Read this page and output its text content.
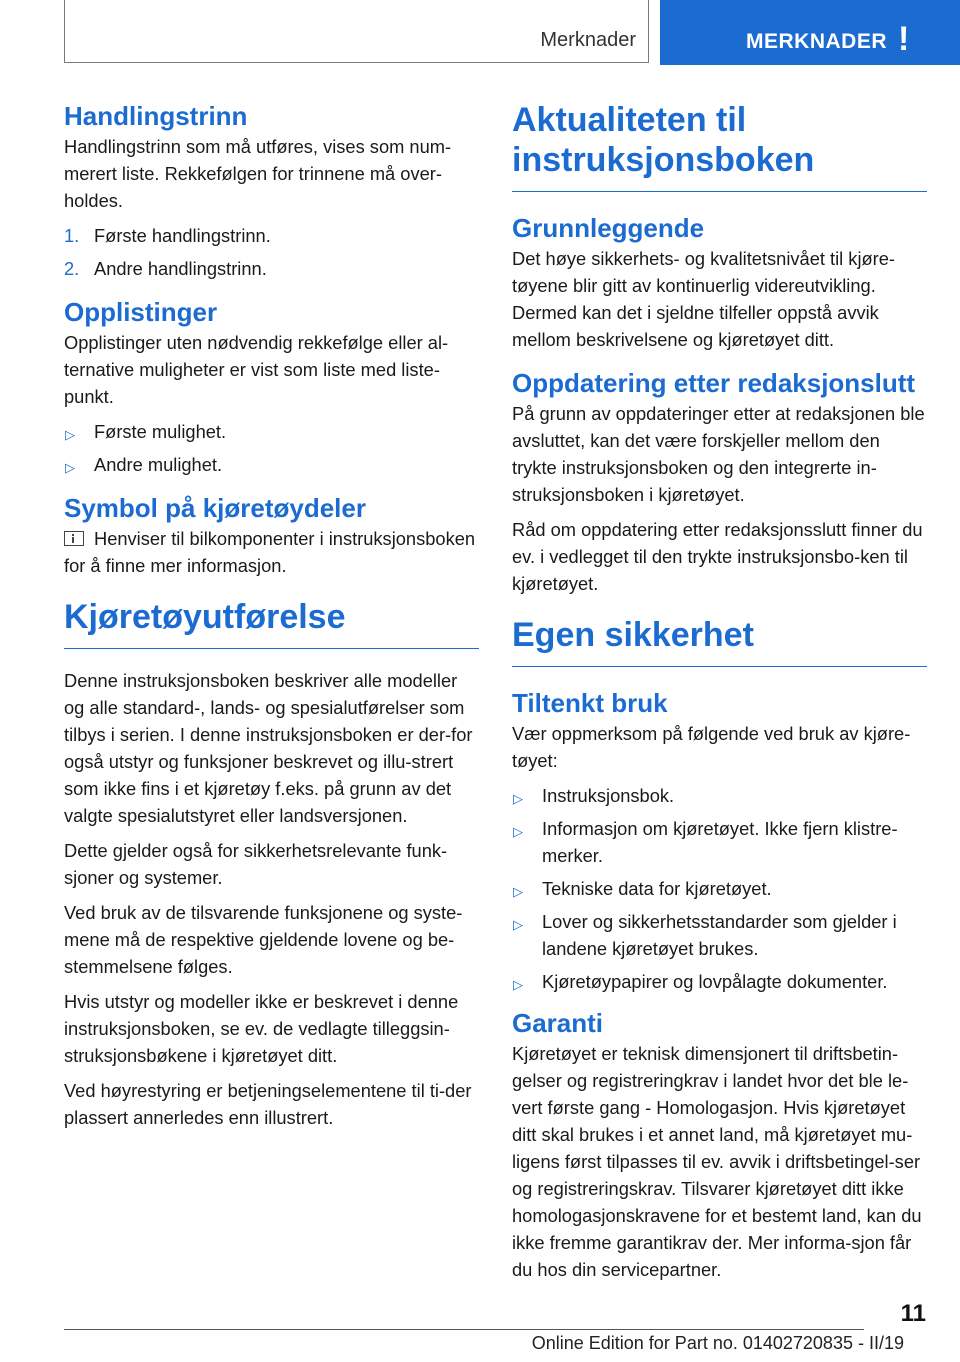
Merknader	MERKNADER !
Handlingstrinn

Handlingstrinn som må utføres, vises som num-merert liste. Rekkefølgen for trinnene må over-holdes.

1. Første handlingstrinn.
2. Andre handlingstrinn.
Opplistinger

Opplistinger uten nødvendig rekkefølge eller al-ternative muligheter er vist som liste med liste-punkt.

▷ Første mulighet.
▷ Andre mulighet.
Symbol på kjøretøydeler

Henviser til bilkomponenter i instruksjonsboken for å finne mer informasjon.

Kjøretøyutførelse

Denne instruksjonsboken beskriver alle modeller og alle standard-, lands- og spesialutførelser som tilbys i serien. I denne instruksjonsboken er der-for også utstyr og funksjoner beskrevet og illu-strert som ikke fins i et kjøretøy f.eks. på grunn av det valgte spesialutstyret eller landsversjonen.

Dette gjelder også for sikkerhetsrelevante funk-sjoner og systemer.

Ved bruk av de tilsvarende funksjonene og syste-mene må de respektive gjeldende lovene og be-stemmelsene følges.

Hvis utstyr og modeller ikke er beskrevet i denne instruksjonsboken, se ev. de vedlagte tilleggsin-struksjonsbøkene i kjøretøyet ditt.

Ved høyrestyring er betjeningselementene til ti-der plassert annerledes enn illustrert.

Aktualiteten til instruksjonsboken
Grunnleggende

Det høye sikkerhets- og kvalitetsnivået til kjøre-tøyene blir gitt av kontinuerlig videreutvikling. Dermed kan det i sjeldne tilfeller oppstå avvik mellom beskrivelsene og kjøretøyet ditt.

Oppdatering etter redaksjonslutt

På grunn av oppdateringer etter at redaksjonen ble avsluttet, kan det være forskjeller mellom den trykte instruksjonsboken og den integrerte in-struksjonsboken i kjøretøyet.

Råd om oppdatering etter redaksjonsslutt finner du ev. i vedlegget til den trykte instruksjonsbo-ken til kjøretøyet.

Egen sikkerhet
Tiltenkt bruk

Vær oppmerksom på følgende ved bruk av kjøre-tøyet:

▷ Instruksjonsbok.
▷ Informasjon om kjøretøyet. Ikke fjern klistre-merker.
▷ Tekniske data for kjøretøyet.
▷ Lover og sikkerhetsstandarder som gjelder i landene kjøretøyet brukes.
▷ Kjøretøypapirer og lovpålagte dokumenter.
Garanti

Kjøretøyet er teknisk dimensjonert til driftsbetin-gelser og registreringkrav i landet hvor det ble le-vert første gang - Homologasjon. Hvis kjøretøyet ditt skal brukes i et annet land, må kjøretøyet mu-ligens først tilpasses til ev. avvik i driftsbetingel-ser og registreringskrav. Tilsvarer kjøretøyet ditt ikke homologasjonskravene for et bestemt land, kan du ikke fremme garantikrav der. Mer informa-sjon får du hos din servicepartner.

11
Online Edition for Part no. 01402720835 - II/19
